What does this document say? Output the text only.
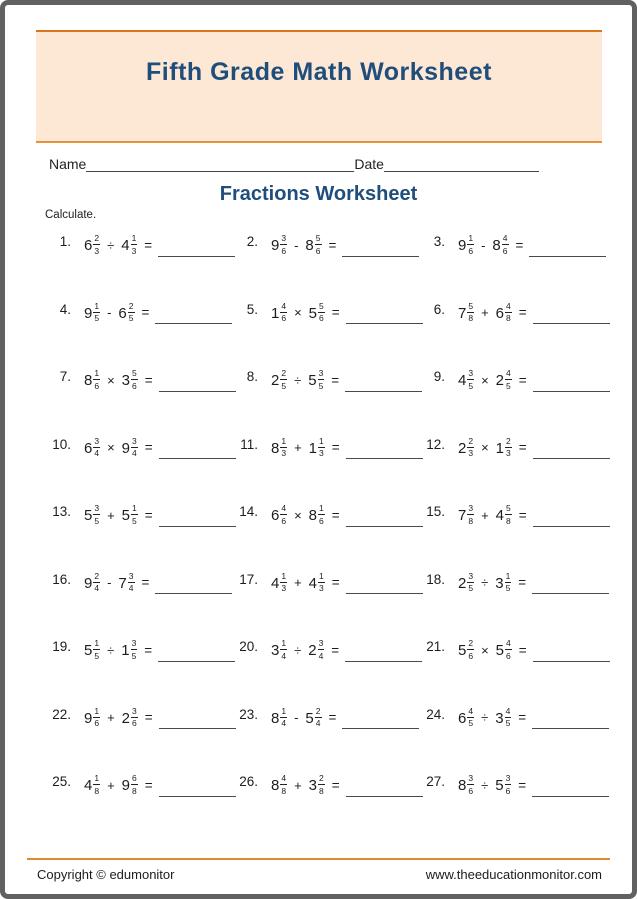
Fifth Grade Math Worksheet
Name	Date
Fractions Worksheet
Calculate.
1. $6 \frac{2}{3} \div 4 \frac{1}{3}$ =	2. $9 \frac{3}{6} - 8 \frac{5}{6}$ =	3. $9 \frac{1}{6} - 8 \frac{4}{6}$ =
4. $9 \frac{1}{5} - 6 \frac{2}{5}$ =	5. $1 \frac{4}{6} \times 5 \frac{5}{6}$ =	6. $7 \frac{5}{8} + 6 \frac{4}{8}$ =
7. $8 \frac{1}{6} \times 3 \frac{5}{6}$ =	8. $2 \frac{2}{5} \div 5 \frac{3}{5}$ =	9. $4 \frac{3}{5} \times 2 \frac{4}{5}$ =
10. $6 \frac{3}{4} \times 9 \frac{3}{4}$ =	11. $8 \frac{1}{3} + 1 \frac{1}{3}$ =	12. $2 \frac{2}{3} \times 1 \frac{2}{3}$ =
13. $5 \frac{3}{5} + 5 \frac{1}{5}$ =	14. $6 \frac{4}{6} \times 8 \frac{1}{6}$ =	15. $7 \frac{3}{8} + 4 \frac{5}{8}$ =
16. $9 \frac{2}{4} - 7 \frac{3}{4}$ =	17. $4 \frac{1}{3} + 4 \frac{1}{3}$ =	18. $2 \frac{3}{5} \div 3 \frac{1}{5}$ =
19. $5 \frac{1}{5} \div 1 \frac{3}{5}$ =	20. $3 \frac{1}{4} \div 2 \frac{3}{4}$ =	21. $5 \frac{2}{6} \times 5 \frac{4}{6}$ =
22. $9 \frac{1}{6} + 2 \frac{3}{6}$ =	23. $8 \frac{1}{4} - 5 \frac{2}{4}$ =	24. $6 \frac{4}{5} \div 3 \frac{4}{5}$ =
25. $4 \frac{1}{8} + 9 \frac{6}{8}$ =	26. $8 \frac{4}{8} + 3 \frac{2}{8}$ =	27. $8 \frac{3}{6} \div 5 \frac{3}{6}$ =
Copyright © edumonitor	www.theeducationmonitor.com
